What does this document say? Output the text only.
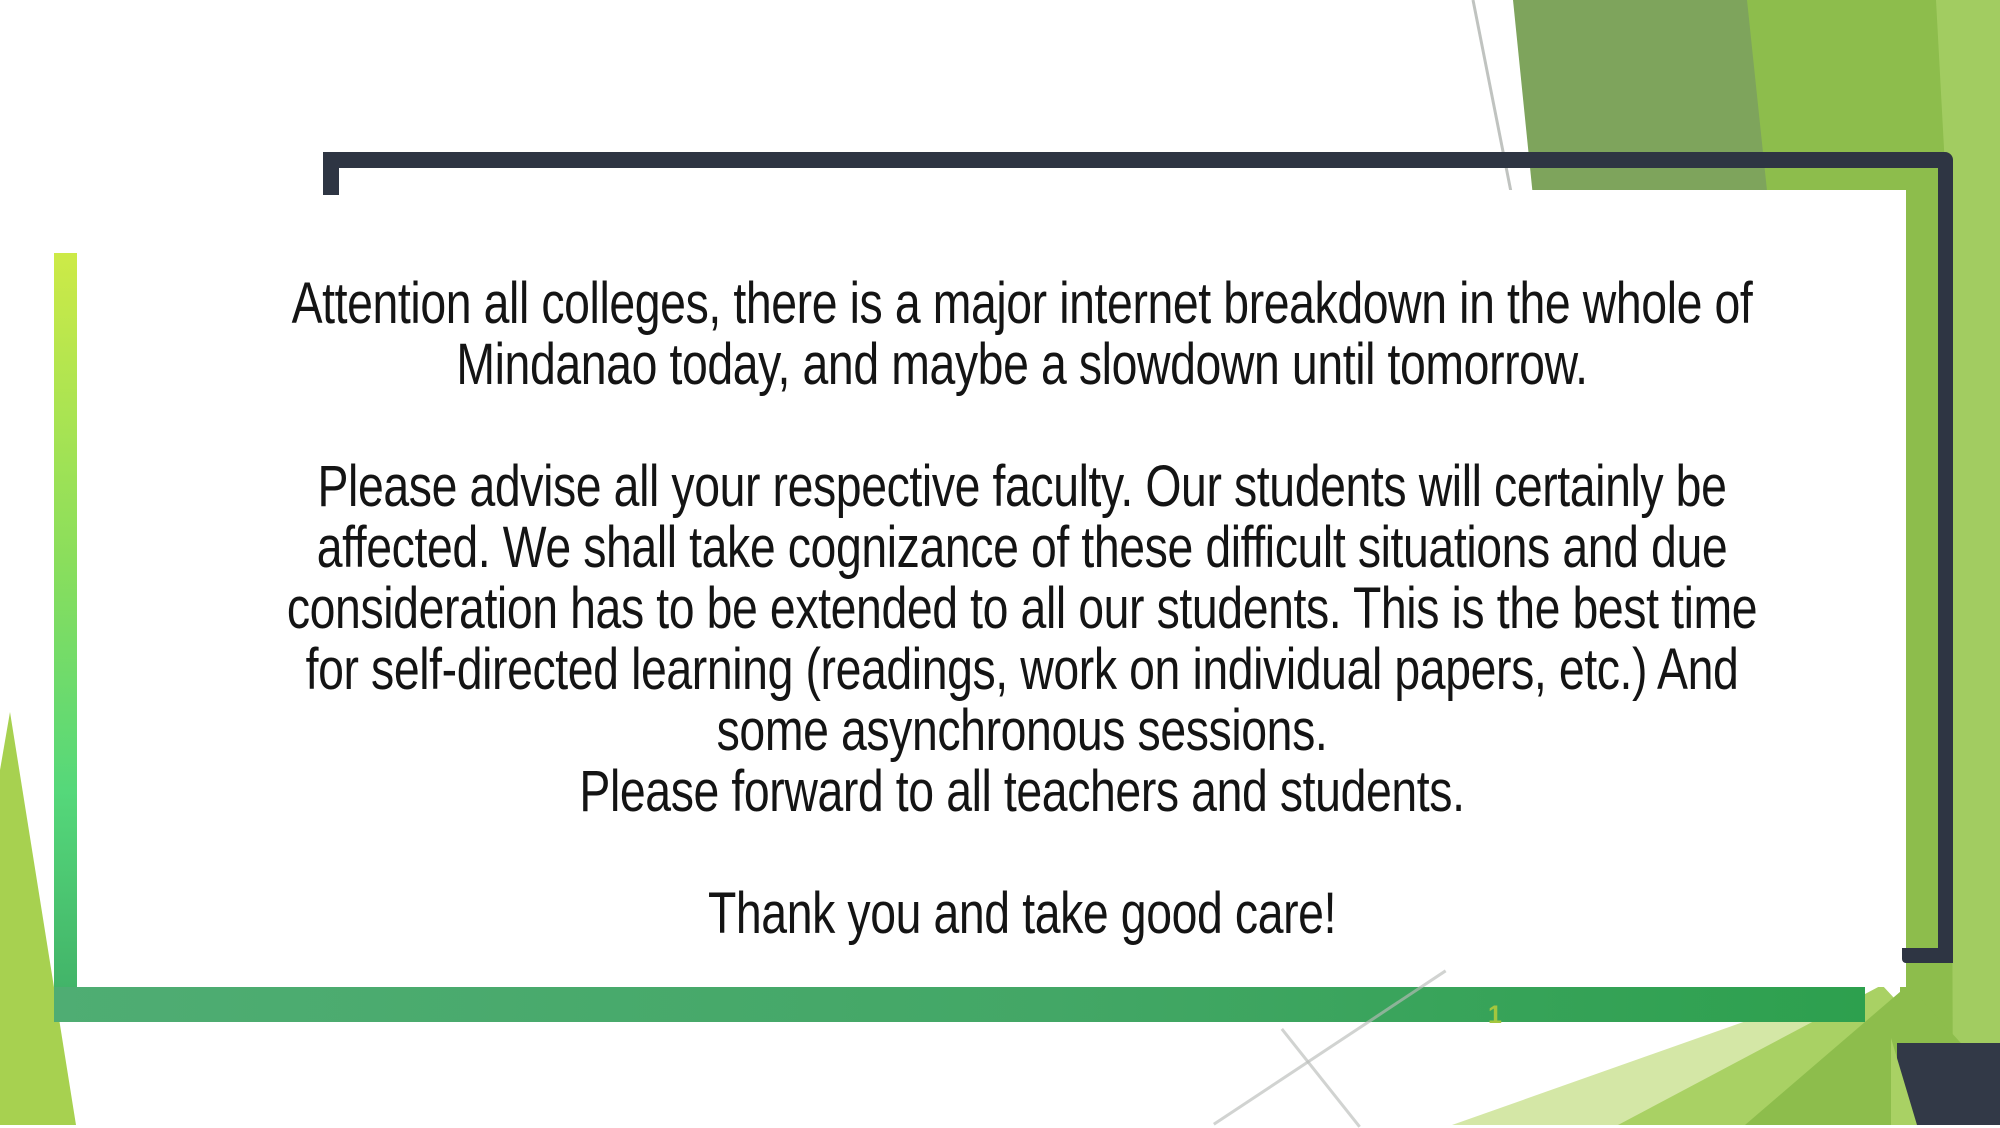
1
Attention all colleges, there is a major internet breakdown in the whole of
Mindanao today, and maybe a slowdown until tomorrow.
Please advise all your respective faculty. Our students will certainly be
affected. We shall take cognizance of these difficult situations and due
consideration has to be extended to all our students. This is the best time
for self-directed learning (readings, work on individual papers, etc.) And
some asynchronous sessions.
Please forward to all teachers and students.
Thank you and take good care!
